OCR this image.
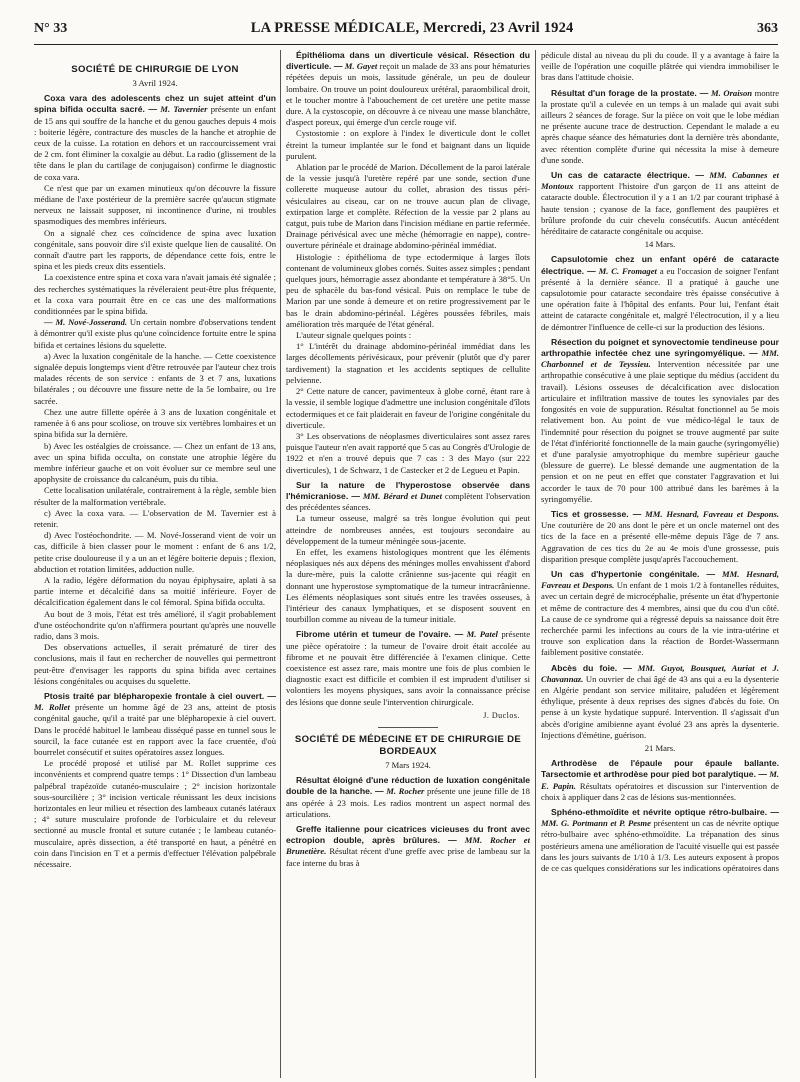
N° 33	LA PRESSE MÉDICALE, Mercredi, 23 Avril 1924	363
SOCIÉTÉ DE CHIRURGIE DE LYON
3 Avril 1924.

Coxa vara des adolescents chez un sujet atteint d'un spina bifida occulta sacré. — M. Tavernier présente un enfant de 15 ans qui souffre de la hanche et du genou gauches depuis 4 mois : boiterie légère, contracture des muscles de la hanche et atrophie de ceux de la cuisse. La rotation en dehors et un raccourcissement vrai de 2 cm. font éliminer la coxalgie au début. La radio (glissement de la tête dans le plan du cartilage de conjugaison) confirme le diagnostic de coxa vara.

Ce n'est que par un examen minutieux qu'on découvre la fissure médiane de l'axe postérieur de la première sacrée qu'aucun stigmate nerveux ne laissait supposer, ni incontinence d'urine, ni troubles spasmodiques des membres inférieurs.

On a signalé chez ces coïncidence de spina avec luxation congénitale, sans pouvoir dire s'il existe quelque lien de causalité. On connaît d'autre part les rapports, de dépendance cette fois, entre le spina et les pieds creux dits essentiels.

La coexistence entre spina et coxa vara n'avait jamais été signalée ; des recherches systématiques la révéleraient peut-être plus fréquente, et la coxa vara pourrait être en ce cas une des malformations conditionnées par le spina bifida.

— M. Nové-Josserand. Un certain nombre d'observations tendent à démontrer qu'il existe plus qu'une coïncidence fortuite entre le spina bifida et certaines lésions du squelette.

a) Avec la luxation congénitale de la hanche. — Cette coexistence signalée depuis longtemps vient d'être retrouvée par l'auteur chez trois malades récents de son service : enfants de 3 et 7 ans, luxations bilatérales ; ou découvre une fissure nette de la 5e lombaire, ou 1re sacrée.

Chez une autre fillette opérée à 3 ans de luxation congénitale et ramenée à 6 ans pour scoliose, on trouve six vertèbres lombaires et un spina bifida sur la dernière.

b) Avec les ostéalgies de croissance. — Chez un enfant de 13 ans, avec un spina bifida occulta, on constate une atrophie légère du membre inférieur gauche et on voit évoluer sur ce membre seul une apophysite de croissance du calcanéum, puis du tibia.

Cette localisation unilatérale, contrairement à la règle, semble bien résulter de la malformation vertébrale.

c) Avec la coxa vara. — L'observation de M. Tavernier est à retenir.

d) Avec l'ostéochondrite. — M. Nové-Josserand vient de voir un cas, difficile à bien classer pour le moment : enfant de 6 ans 1/2, petite crise douloureuse il y a un an et légère boiterie depuis ; flexion, abduction et rotation limitées, adduction nulle.

A la radio, légère déformation du noyau épiphysaire, aplati à sa partie interne et décalcifié dans sa moitié inférieure. Foyer de décalcification également dans le col fémoral. Spina bifida occulta.

Au bout de 3 mois, l'état est très amélioré, il s'agit probablement d'une ostéochondrite qu'on n'affirmera pourtant qu'après une nouvelle radio, dans 3 mois.

Des observations actuelles, il serait prématuré de tirer des conclusions, mais il faut en rechercher de nouvelles qui permettront peut-être d'envisager les rapports du spina bifida avec certaines lésions congénitales ou acquises du squelette.

Ptosis traité par blépharopexie frontale à ciel ouvert. — M. Rollet présente un homme âgé de 23 ans, atteint de ptosis congénital gauche, qu'il a traité par une blépharopexie à ciel ouvert. Dans le procédé habituel le lambeau disséqué passe en tunnel sous le sourcil, la face cutanée est en rapport avec la face cruentée, d'où bourrelet consécutif et suites opératoires assez longues.

Le procédé proposé et utilisé par M. Rollet supprime ces inconvénients et comprend quatre temps : 1° Dissection d'un lambeau palpébral trapézoïde cutanéo-musculaire ; 2° incision horizontale sous-sourcilière ; 3° incision verticale réunissant les deux incisions horizontales en leur milieu et résection des lambeaux cutanés latéraux ; 4° suture musculaire profonde de l'orbiculaire et du releveur sectionné au muscle frontal et suture cutanée ; le lambeau cutanéo-musculaire, après dissection, a été transporté en haut, a pénétré en coin dans l'incision en T et a permis d'effectuer l'élévation palpébrale nécessaire.

Épithélioma dans un diverticule vésical. Résection du diverticule. — M. Gayet reçoit un malade de 33 ans pour hématuries répétées depuis un mois, lassitude générale, un peu de douleur lombaire. On trouve un point douloureux urétéral, paraombilical droit, et le toucher montre à l'abouchement de cet uretère une petite masse dure. A la cystoscopie, on découvre à ce niveau une masse blanchâtre, d'aspect poreux, qui émerge d'un cercle rouge vif.

Cystostomie : on explore à l'index le diverticule dont le collet étreint la tumeur implantée sur le fond et baignant dans un liquide purulent.

Ablation par le procédé de Marion. Décollement de la paroi latérale de la vessie jusqu'à l'uretère repéré par une sonde, section d'une collerette muqueuse autour du collet, abrasion des tissus péri-vésiculaires au ciseau, car on ne trouve aucun plan de clivage, extirpation large et complète. Réfection de la vessie par 2 plans au catgut, puis tube de Marion dans l'incision médiane en partie refermée. Drainage périvésical avec une mèche (hémorragie en nappe), contre-ouverture périnéale et drainage abdomino-périnéal immédiat.

Histologie : épithélioma de type ectodermique à larges îlots contenant de volumineux globes cornés. Suites assez simples ; pendant quelques jours, hémorragie assez abondante et température à 38°5. Un peu de sphacèle du bas-fond vésical. Puis on remplace le tube de Marion par une sonde à demeure et on retire progressivement par le bas le drain abdomino-périnéal. Légères poussées fébriles, mais amélioration très marquée de l'état général.

L'auteur signale quelques points :

1° L'intérêt du drainage abdomino-périnéal immédiat dans les larges décollements périvésicaux, pour prévenir (plutôt que d'y parer tardivement) la stagnation et les accidents septiques de cellulite pelvienne.

2° Cette nature de cancer, pavimenteux à globe corné, étant rare à la vessie, il semble logique d'admettre une inclusion congénitale d'îlots ectodermiques et ce fait plaiderait en faveur de l'origine congénitale du diverticule.

3° Les observations de néoplasmes diverticulaires sont assez rares puisque l'auteur n'en avait rapporté que 5 cas au Congrès d'Urologie de 1922 et n'en a trouvé depuis que 7 cas : 3 des Mayo (sur 222 diverticules), 1 de Schwarz, 1 de Castecker et 2 de Legueu et Papin.

Sur la nature de l'hyperostose observée dans l'hémicraniose. — MM. Bérard et Dunet complètent l'observation des précédentes séances.

La tumeur osseuse, malgré sa très longue évolution qui peut atteindre de nombreuses années, est toujours secondaire au développement de la tumeur méningée sous-jacente.

En effet, les examens histologiques montrent que les éléments néoplasiques nés aux dépens des méninges molles envahissent d'abord la dure-mère, puis la calotte crânienne sus-jacente qui réagit en donnant une hyperostose symptomatique de la tumeur intracrânienne. Les éléments néoplasiques sont situés entre les travées osseuses, à l'intérieur des canaux lymphatiques, et se disposent souvent en tourbillon comme au niveau de la tumeur initiale.

Fibrome utérin et tumeur de l'ovaire. — M. Patel présente une pièce opératoire : la tumeur de l'ovaire droit était accolée au fibrome et ne pouvait être différenciée à l'examen clinique. Cette coexistence est assez rare, mais montre une fois de plus combien le diagnostic exact est difficile et combien il est imprudent d'utiliser si volontiers les moyens physiques, sans avoir la connaissance précise des lésions que donne seule l'intervention chirurgicale.

J. Duclos.
SOCIÉTÉ DE MÉDECINE ET DE CHIRURGIE DE BORDEAUX
7 Mars 1924.

Résultat éloigné d'une réduction de luxation congénitale double de la hanche. — M. Rocher présente une jeune fille de 18 ans opérée à 23 mois. Les radios montrent un aspect normal des articulations.

Greffe italienne pour cicatrices vicieuses du front avec ectropion double, après brûlures. — MM. Rocher et Brunetière. Résultat récent d'une greffe avec prise de lambeau sur la face interne du bras à

pédicule distal au niveau du pli du coude. Il y a avantage à faire la veille de l'opération une coquille plâtrée qui viendra immobiliser le bras dans l'attitude choisie.

Résultat d'un forage de la prostate. — M. Oraison montre la prostate qu'il a culevée en un temps à un malade qui avait subi ailleurs 2 séances de forage. Sur la pièce on voit que le lobe médian ne présente aucune trace de destruction. Cependant le malade a eu après chaque séance des hématuries dont la dernière très abondante, avec rétention complète d'urine qui nécessita la mise à demeure d'une sonde.

Un cas de cataracte électrique. — MM. Cabannes et Montoux rapportent l'histoire d'un garçon de 11 ans atteint de cataracte double. Électrocution il y a 1 an 1/2 par courant triphasé à haute tension ; cyanose de la face, gonflement des paupières et brûlure profonde du cuir chevelu consécutifs. Aucun antécédent héréditaire de cataracte congénitale ou acquise.

14 Mars.

Capsulotomie chez un enfant opéré de cataracte électrique. — M. C. Fromaget a eu l'occasion de soigner l'enfant présenté à la dernière séance. Il a pratiqué à gauche une capsulotomie pour cataracte secondaire très épaisse consécutive à une opération faite à l'hôpital des enfants. Pour lui, l'enfant était atteint de cataracte congénitale et, malgré l'électrocution, il y a lieu de démontrer l'influence de celle-ci sur la production des lésions.

Résection du poignet et synovectomie tendineuse pour arthropathie infectée chez une syringomyélique. — MM. Charbonnel et de Teyssieu. Intervention nécessitée par une arthropathie consécutive à une plaie septique du médius (accident du travail). Lésions osseuses de décalcification avec dislocation articulaire et infiltration massive de toutes les synoviales par des fongosités en voie de suppuration. Résultat fonctionnel au 5e mois relativement bon. Au point de vue médico-légal le taux de l'indemnité pour résection du poignet se trouve augmenté par suite de l'état d'infériorité fonctionnelle de la main gauche (syringomyélie) et d'une paralysie amyotrophique du membre supérieur gauche (blessure de guerre). Le blessé demande une augmentation de la pension et on ne peut en effet que constater l'aggravation et lui accorder le taux de 70 pour 100 attribué dans les barèmes à la syringomyélie.

Tics et grossesse. — MM. Hesnard, Favreau et Despons. Une couturière de 20 ans dont le père et un oncle maternel ont des tics de la face en a présenté elle-même depuis l'âge de 7 ans. Aggravation de ces tics du 2e au 4e mois d'une grossesse, puis disparition presque complète jusqu'après l'accouchement.

Un cas d'hypertonie congénitale. — MM. Hesnard, Favreau et Despons. Un enfant de 1 mois 1/2 à fontanelles réduites, avec un certain degré de microcéphalie, présente un état d'hypertonie et même de contracture des 4 membres, ainsi que du cou d'un côté. La cause de ce syndrome qui a régressé depuis sa naissance doit être recherchée parmi les infections au cours de la vie intra-utérine et trouve son explication dans la réaction de Bordet-Wassermann faiblement positive constatée.

Abcès du foie. — MM. Guyot, Bousquet, Auriat et J. Chavannaz. Un ouvrier de chai âgé de 43 ans qui a eu la dysenterie en Algérie pendant son service militaire, paludéen et légèrement éthylique, présente à deux reprises des signes d'abcès du foie. On pense à un kyste hydatique suppuré. Intervention. Il s'agissait d'un abcès d'origine amibienne ayant évolué 23 ans après la dysenterie. Injections d'émétine, guérison.

21 Mars.

Arthrodèse de l'épaule pour épaule ballante. Tarsectomie et arthrodèse pour pied bot paralytique. — M. E. Papin. Résultats opératoires et discussion sur l'intervention de choix à appliquer dans 2 cas de lésions sus-mentionnées.

Sphéno-ethmoïdite et névrite optique rétro-bulbaire. — MM. G. Portmann et P. Pesme présentent un cas de névrite optique rétro-bulbaire avec sphéno-ethmoïdite. La trépanation des sinus postérieurs amena une amélioration de l'acuité visuelle qui est passée dans les jours suivants de 1/10 à 1/3. Les auteurs exposent à propos de ce cas quelques considérations sur les indications opératoires dans
